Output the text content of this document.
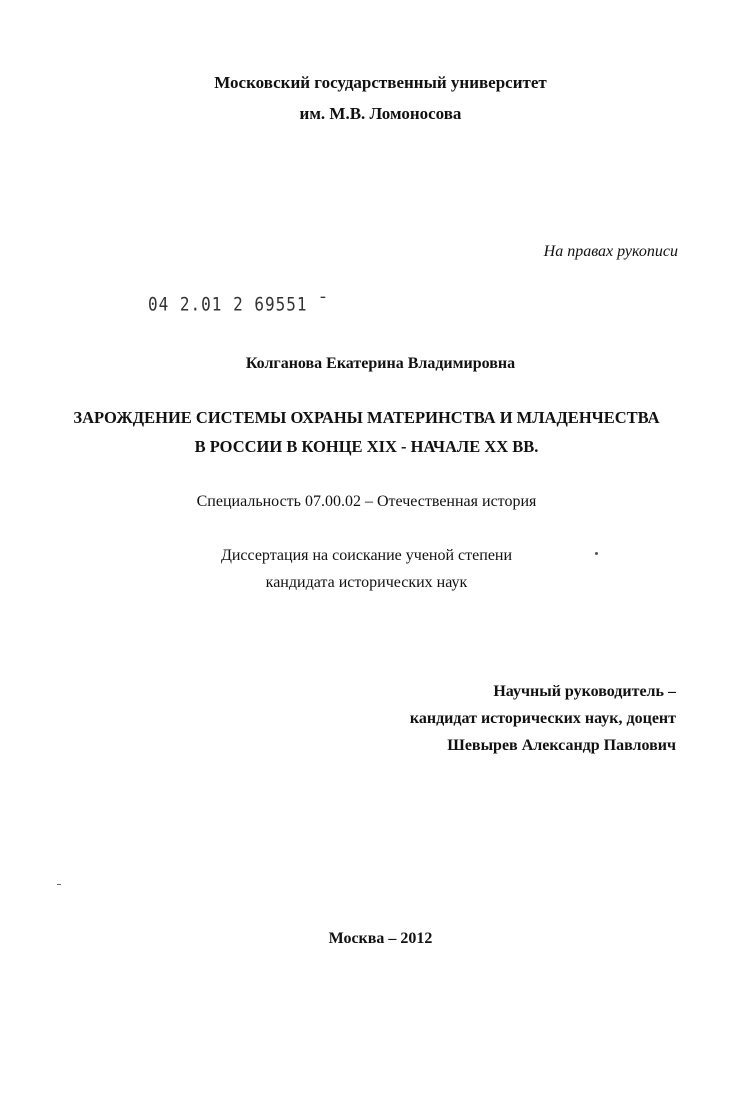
Московский государственный университет
им. М.В. Ломоносова
На правах рукописи
04 2.01 2 69551 ¯
Колганова Екатерина Владимировна
ЗАРОЖДЕНИЕ СИСТЕМЫ ОХРАНЫ МАТЕРИНСТВА И МЛАДЕНЧЕСТВА
В РОССИИ В КОНЦЕ XIX - НАЧАЛЕ XX ВВ.
Специальность 07.00.02 – Отечественная история
Диссертация на соискание ученой степени
кандидата исторических наук
Научный руководитель –
кандидат исторических наук, доцент
Шевырев Александр Павлович
Москва – 2012
